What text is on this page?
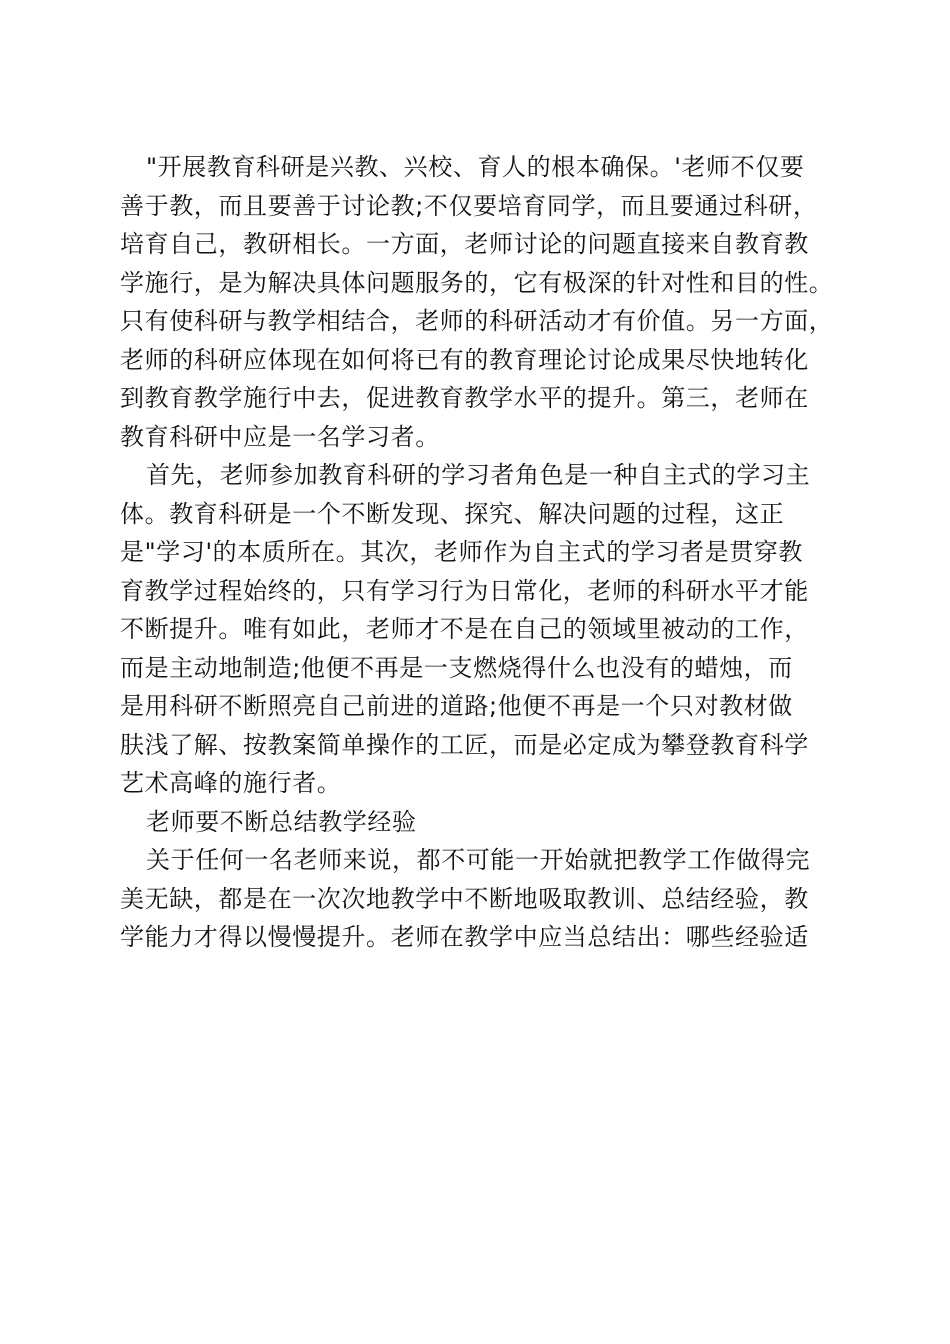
"开展教育科研是兴教、兴校、育人的根本确保。'老师不仅要
善于教，而且要善于讨论教;不仅要培育同学，而且要通过科研，
培育自己，教研相长。一方面，老师讨论的问题直接来自教育教
学施行，是为解决具体问题服务的，它有极深的针对性和目的性。
只有使科研与教学相结合，老师的科研活动才有价值。另一方面，
老师的科研应体现在如何将已有的教育理论讨论成果尽快地转化
到教育教学施行中去，促进教育教学水平的提升。第三，老师在
教育科研中应是一名学习者。
首先，老师参加教育科研的学习者角色是一种自主式的学习主
体。教育科研是一个不断发现、探究、解决问题的过程，这正
是"学习'的本质所在。其次，老师作为自主式的学习者是贯穿教
育教学过程始终的，只有学习行为日常化，老师的科研水平才能
不断提升。唯有如此，老师才不是在自己的领域里被动的工作，
而是主动地制造;他便不再是一支燃烧得什么也没有的蜡烛，而
是用科研不断照亮自己前进的道路;他便不再是一个只对教材做
肤浅了解、按教案简单操作的工匠，而是必定成为攀登教育科学
艺术高峰的施行者。
老师要不断总结教学经验
关于任何一名老师来说，都不可能一开始就把教学工作做得完
美无缺，都是在一次次地教学中不断地吸取教训、总结经验，教
学能力才得以慢慢提升。老师在教学中应当总结出：哪些经验适
